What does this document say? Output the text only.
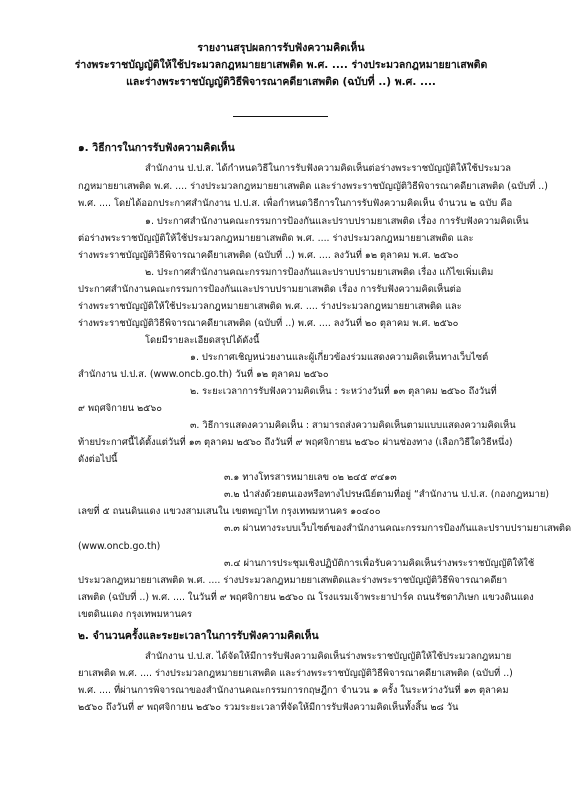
รายงานสรุปผลการรับฟังความคิดเห็น
ร่างพระราชบัญญัติให้ใช้ประมวลกฎหมายยาเสพติด พ.ศ. .... ร่างประมวลกฎหมายยาเสพติด
และร่างพระราชบัญญัติวิธีพิจารณาคดียาเสพติด (ฉบับที่ ..) พ.ศ. ....
๑. วิธีการในการรับฟังความคิดเห็น
สำนักงาน ป.ป.ส. ได้กำหนดวิธีในการรับฟังความคิดเห็นต่อร่างพระราชบัญญัติให้ใช้ประมวล
กฎหมายยาเสพติด พ.ศ. .... ร่างประมวลกฎหมายยาเสพติด และร่างพระราชบัญญัติวิธีพิจารณาคดียาเสพติด (ฉบับที่ ..)
พ.ศ. .... โดยได้ออกประกาศสำนักงาน ป.ป.ส. เพื่อกำหนดวิธีการในการรับฟังความคิดเห็น จำนวน ๒ ฉบับ คือ
๑. ประกาศสำนักงานคณะกรรมการป้องกันและปราบปรามยาเสพติด เรื่อง การรับฟังความคิดเห็น
ต่อร่างพระราชบัญญัติให้ใช้ประมวลกฎหมายยาเสพติด พ.ศ. .... ร่างประมวลกฎหมายยาเสพติด และ
ร่างพระราชบัญญัติวิธีพิจารณาคดียาเสพติด (ฉบับที่ ..) พ.ศ. .... ลงวันที่ ๑๒ ตุลาคม พ.ศ. ๒๕๖๐
๒. ประกาศสำนักงานคณะกรรมการป้องกันและปราบปรามยาเสพติด เรื่อง แก้ไขเพิ่มเติม
ประกาศสำนักงานคณะกรรมการป้องกันและปราบปรามยาเสพติด เรื่อง การรับฟังความคิดเห็นต่อ
ร่างพระราชบัญญัติให้ใช้ประมวลกฎหมายยาเสพติด พ.ศ. .... ร่างประมวลกฎหมายยาเสพติด และ
ร่างพระราชบัญญัติวิธีพิจารณาคดียาเสพติด (ฉบับที่ ..) พ.ศ. .... ลงวันที่ ๒๐ ตุลาคม พ.ศ. ๒๕๖๐
โดยมีรายละเอียดสรุปได้ดังนี้
๑. ประกาศเชิญหน่วยงานและผู้เกี่ยวข้องร่วมแสดงความคิดเห็นทางเว็บไซต์
สำนักงาน ป.ป.ส. (www.oncb.go.th) วันที่ ๑๒ ตุลาคม ๒๕๖๐
๒. ระยะเวลาการรับฟังความคิดเห็น : ระหว่างวันที่ ๑๓ ตุลาคม ๒๕๖๐ ถึงวันที่
๙ พฤศจิกายน ๒๕๖๐
๓. วิธีการแสดงความคิดเห็น : สามารถส่งความคิดเห็นตามแบบแสดงความคิดเห็น
ท้ายประกาศนี้ได้ตั้งแต่วันที่ ๑๓ ตุลาคม ๒๕๖๐ ถึงวันที่ ๙ พฤศจิกายน ๒๕๖๐ ผ่านช่องทาง (เลือกวิธีใดวิธีหนึ่ง)
ดังต่อไปนี้
๓.๑ ทางโทรสารหมายเลข ๐๒ ๒๔๕ ๙๔๑๓
๓.๒ นำส่งด้วยตนเองหรือทางไปรษณีย์ตามที่อยู่ “สำนักงาน ป.ป.ส. (กองกฎหมาย)
เลขที่ ๕ ถนนดินแดง แขวงสามเสนใน เขตพญาไท กรุงเทพมหานคร ๑๐๔๐๐
๓.๓ ผ่านทางระบบเว็บไซต์ของสำนักงานคณะกรรมการป้องกันและปราบปรามยาเสพติด
(www.oncb.go.th)
๓.๔ ผ่านการประชุมเชิงปฏิบัติการเพื่อรับความคิดเห็นร่างพระราชบัญญัติให้ใช้
ประมวลกฎหมายยาเสพติด พ.ศ. .... ร่างประมวลกฎหมายยาเสพติดและร่างพระราชบัญญัติวิธีพิจารณาคดียา
เสพติด (ฉบับที่ ..) พ.ศ. .... ในวันที่ ๙ พฤศจิกายน ๒๕๖๐ ณ โรงแรมเจ้าพระยาปาร์ค ถนนรัชดาภิเษก แขวงดินแดง
เขตดินแดง กรุงเทพมหานคร
๒. จำนวนครั้งและระยะเวลาในการรับฟังความคิดเห็น
สำนักงาน ป.ป.ส. ได้จัดให้มีการรับฟังความคิดเห็นร่างพระราชบัญญัติให้ใช้ประมวลกฎหมาย
ยาเสพติด พ.ศ. .... ร่างประมวลกฎหมายยาเสพติด และร่างพระราชบัญญัติวิธีพิจารณาคดียาเสพติด (ฉบับที่ ..)
พ.ศ. .... ที่ผ่านการพิจารณาของสำนักงานคณะกรรมการกฤษฎีกา จำนวน ๑ ครั้ง ในระหว่างวันที่ ๑๓ ตุลาคม
๒๕๖๐ ถึงวันที่ ๙ พฤศจิกายน ๒๕๖๐ รวมระยะเวลาที่จัดให้มีการรับฟังความคิดเห็นทั้งสิ้น ๒๘ วัน
